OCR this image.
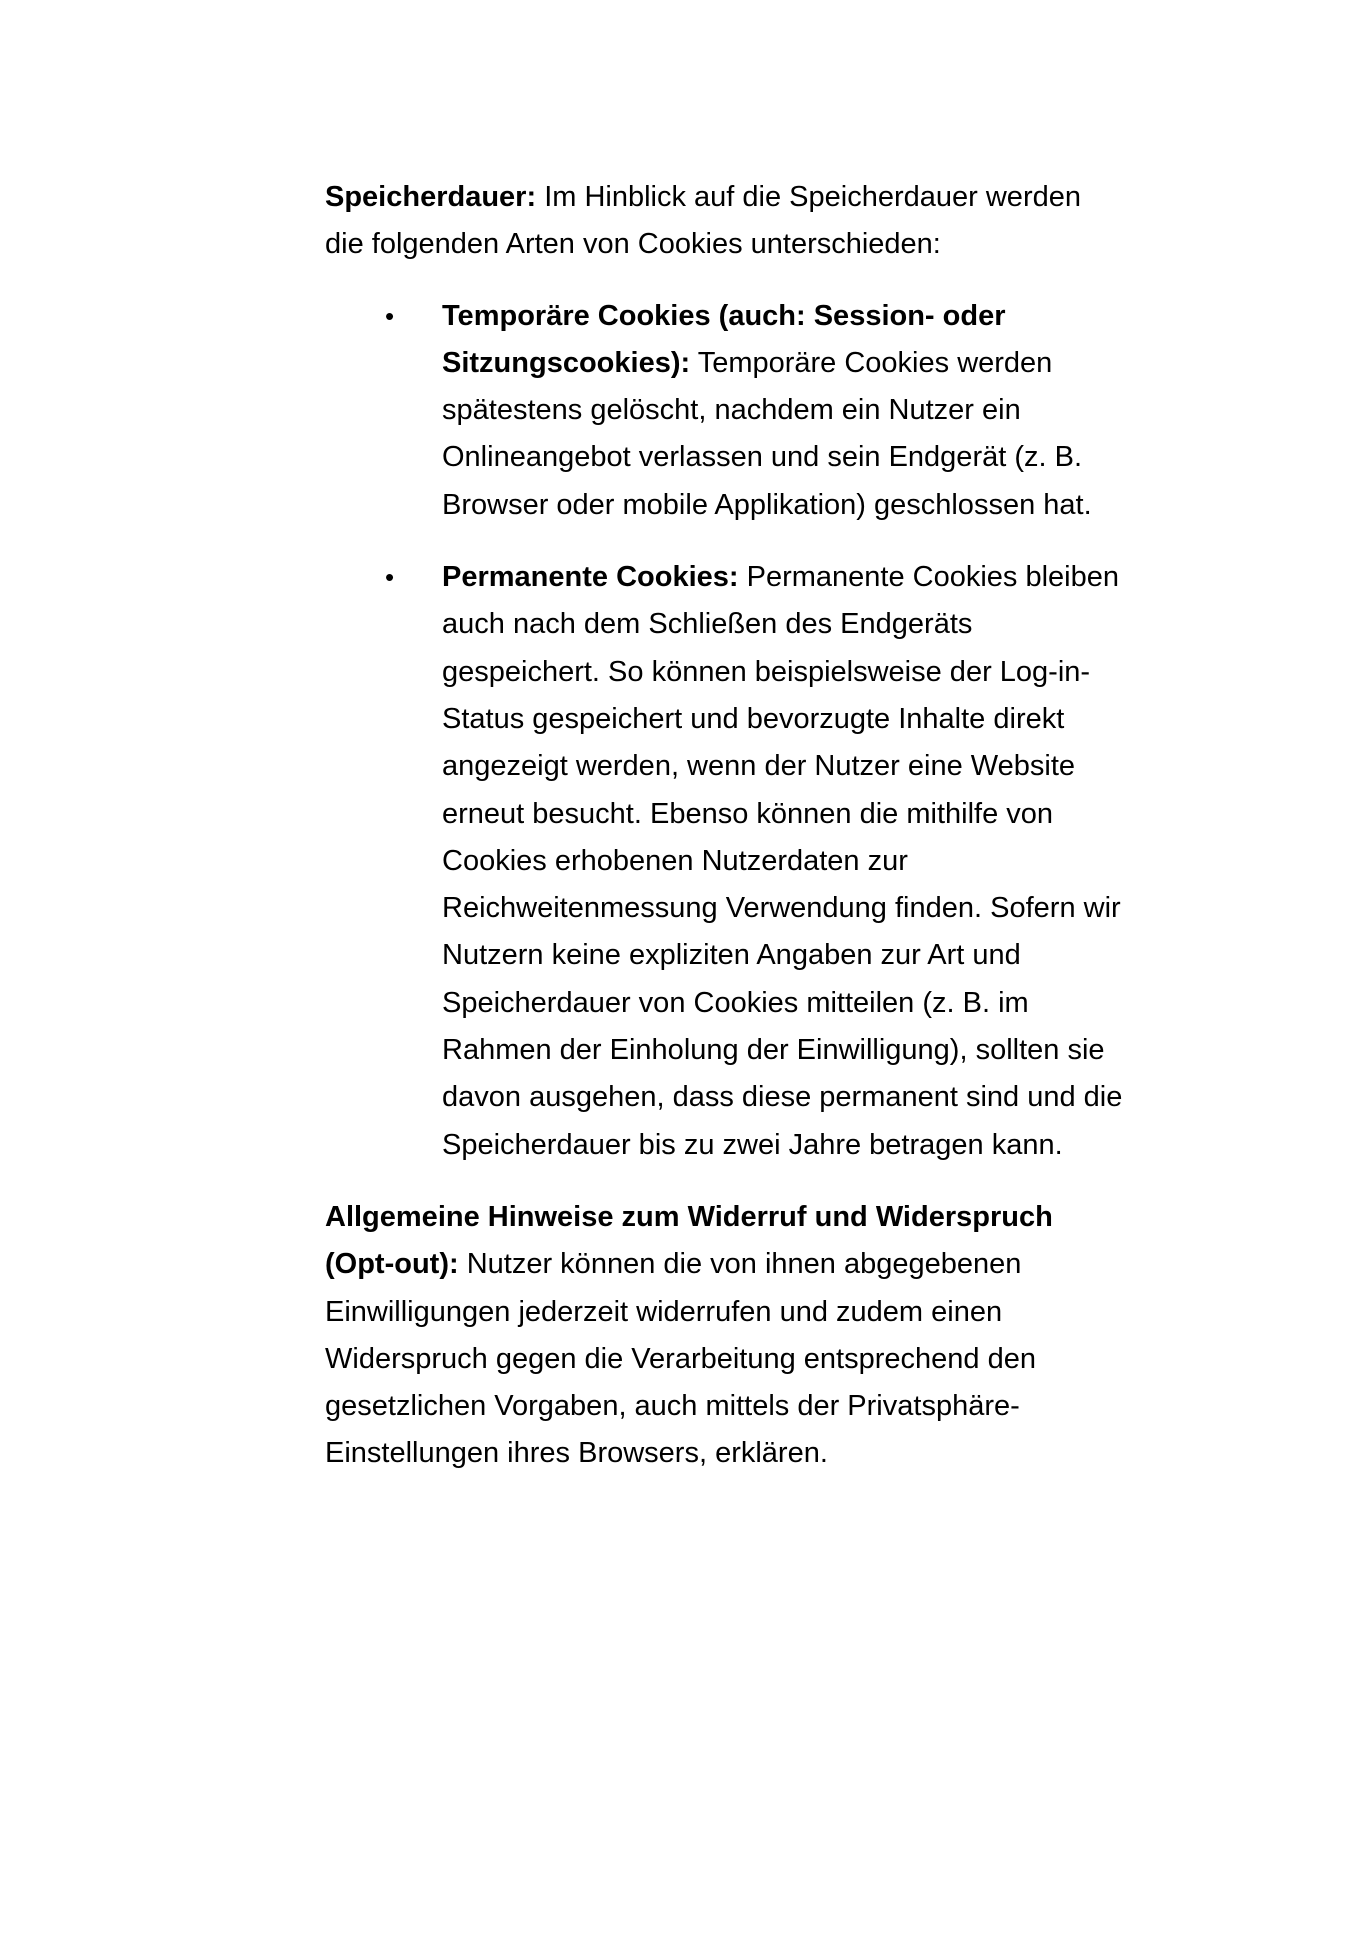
Speicherdauer: Im Hinblick auf die Speicherdauer werden die folgenden Arten von Cookies unterschieden:

• Temporäre Cookies (auch: Session- oder Sitzungscookies): Temporäre Cookies werden spätestens gelöscht, nachdem ein Nutzer ein Onlineangebot verlassen und sein Endgerät (z. B. Browser oder mobile Applikation) geschlossen hat.
• Permanente Cookies: Permanente Cookies bleiben auch nach dem Schließen des Endgeräts gespeichert. So können beispielsweise der Log-in-Status gespeichert und bevorzugte Inhalte direkt angezeigt werden, wenn der Nutzer eine Website erneut besucht. Ebenso können die mithilfe von Cookies erhobenen Nutzerdaten zur Reichweitenmessung Verwendung finden. Sofern wir Nutzern keine expliziten Angaben zur Art und Speicherdauer von Cookies mitteilen (z. B. im Rahmen der Einholung der Einwilligung), sollten sie davon ausgehen, dass diese permanent sind und die Speicherdauer bis zu zwei Jahre betragen kann.

Allgemeine Hinweise zum Widerruf und Widerspruch (Opt-out): Nutzer können die von ihnen abgegebenen Einwilligungen jederzeit widerrufen und zudem einen Widerspruch gegen die Verarbeitung entsprechend den gesetzlichen Vorgaben, auch mittels der Privatsphäre-Einstellungen ihres Browsers, erklären.
